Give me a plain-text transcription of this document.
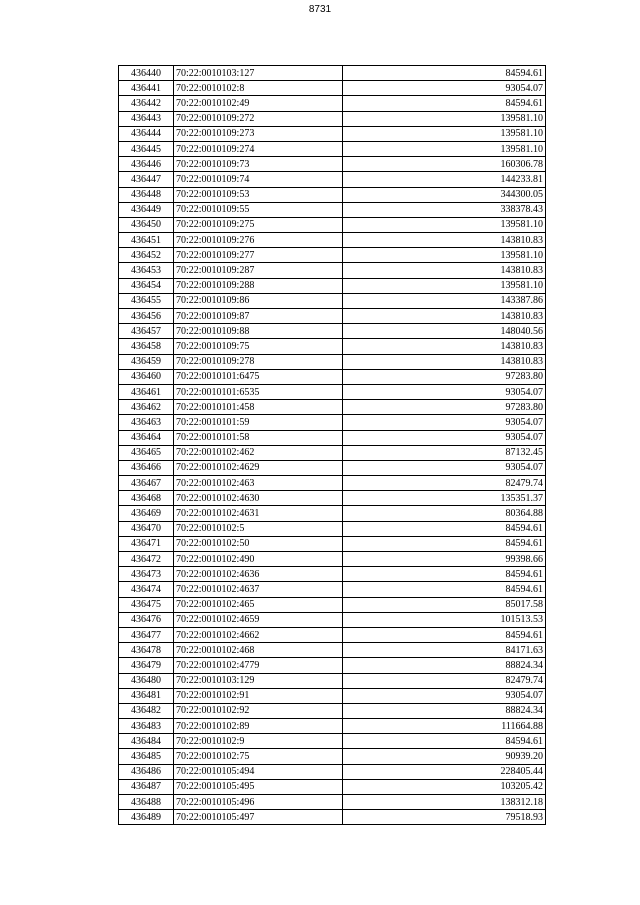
8731
436440	70:22:0010103:127	84594.61
436441	70:22:0010102:8	93054.07
436442	70:22:0010102:49	84594.61
436443	70:22:0010109:272	139581.10
436444	70:22:0010109:273	139581.10
436445	70:22:0010109:274	139581.10
436446	70:22:0010109:73	160306.78
436447	70:22:0010109:74	144233.81
436448	70:22:0010109:53	344300.05
436449	70:22:0010109:55	338378.43
436450	70:22:0010109:275	139581.10
436451	70:22:0010109:276	143810.83
436452	70:22:0010109:277	139581.10
436453	70:22:0010109:287	143810.83
436454	70:22:0010109:288	139581.10
436455	70:22:0010109:86	143387.86
436456	70:22:0010109:87	143810.83
436457	70:22:0010109:88	148040.56
436458	70:22:0010109:75	143810.83
436459	70:22:0010109:278	143810.83
436460	70:22:0010101:6475	97283.80
436461	70:22:0010101:6535	93054.07
436462	70:22:0010101:458	97283.80
436463	70:22:0010101:59	93054.07
436464	70:22:0010101:58	93054.07
436465	70:22:0010102:462	87132.45
436466	70:22:0010102:4629	93054.07
436467	70:22:0010102:463	82479.74
436468	70:22:0010102:4630	135351.37
436469	70:22:0010102:4631	80364.88
436470	70:22:0010102:5	84594.61
436471	70:22:0010102:50	84594.61
436472	70:22:0010102:490	99398.66
436473	70:22:0010102:4636	84594.61
436474	70:22:0010102:4637	84594.61
436475	70:22:0010102:465	85017.58
436476	70:22:0010102:4659	101513.53
436477	70:22:0010102:4662	84594.61
436478	70:22:0010102:468	84171.63
436479	70:22:0010102:4779	88824.34
436480	70:22:0010103:129	82479.74
436481	70:22:0010102:91	93054.07
436482	70:22:0010102:92	88824.34
436483	70:22:0010102:89	111664.88
436484	70:22:0010102:9	84594.61
436485	70:22:0010102:75	90939.20
436486	70:22:0010105:494	228405.44
436487	70:22:0010105:495	103205.42
436488	70:22:0010105:496	138312.18
436489	70:22:0010105:497	79518.93
